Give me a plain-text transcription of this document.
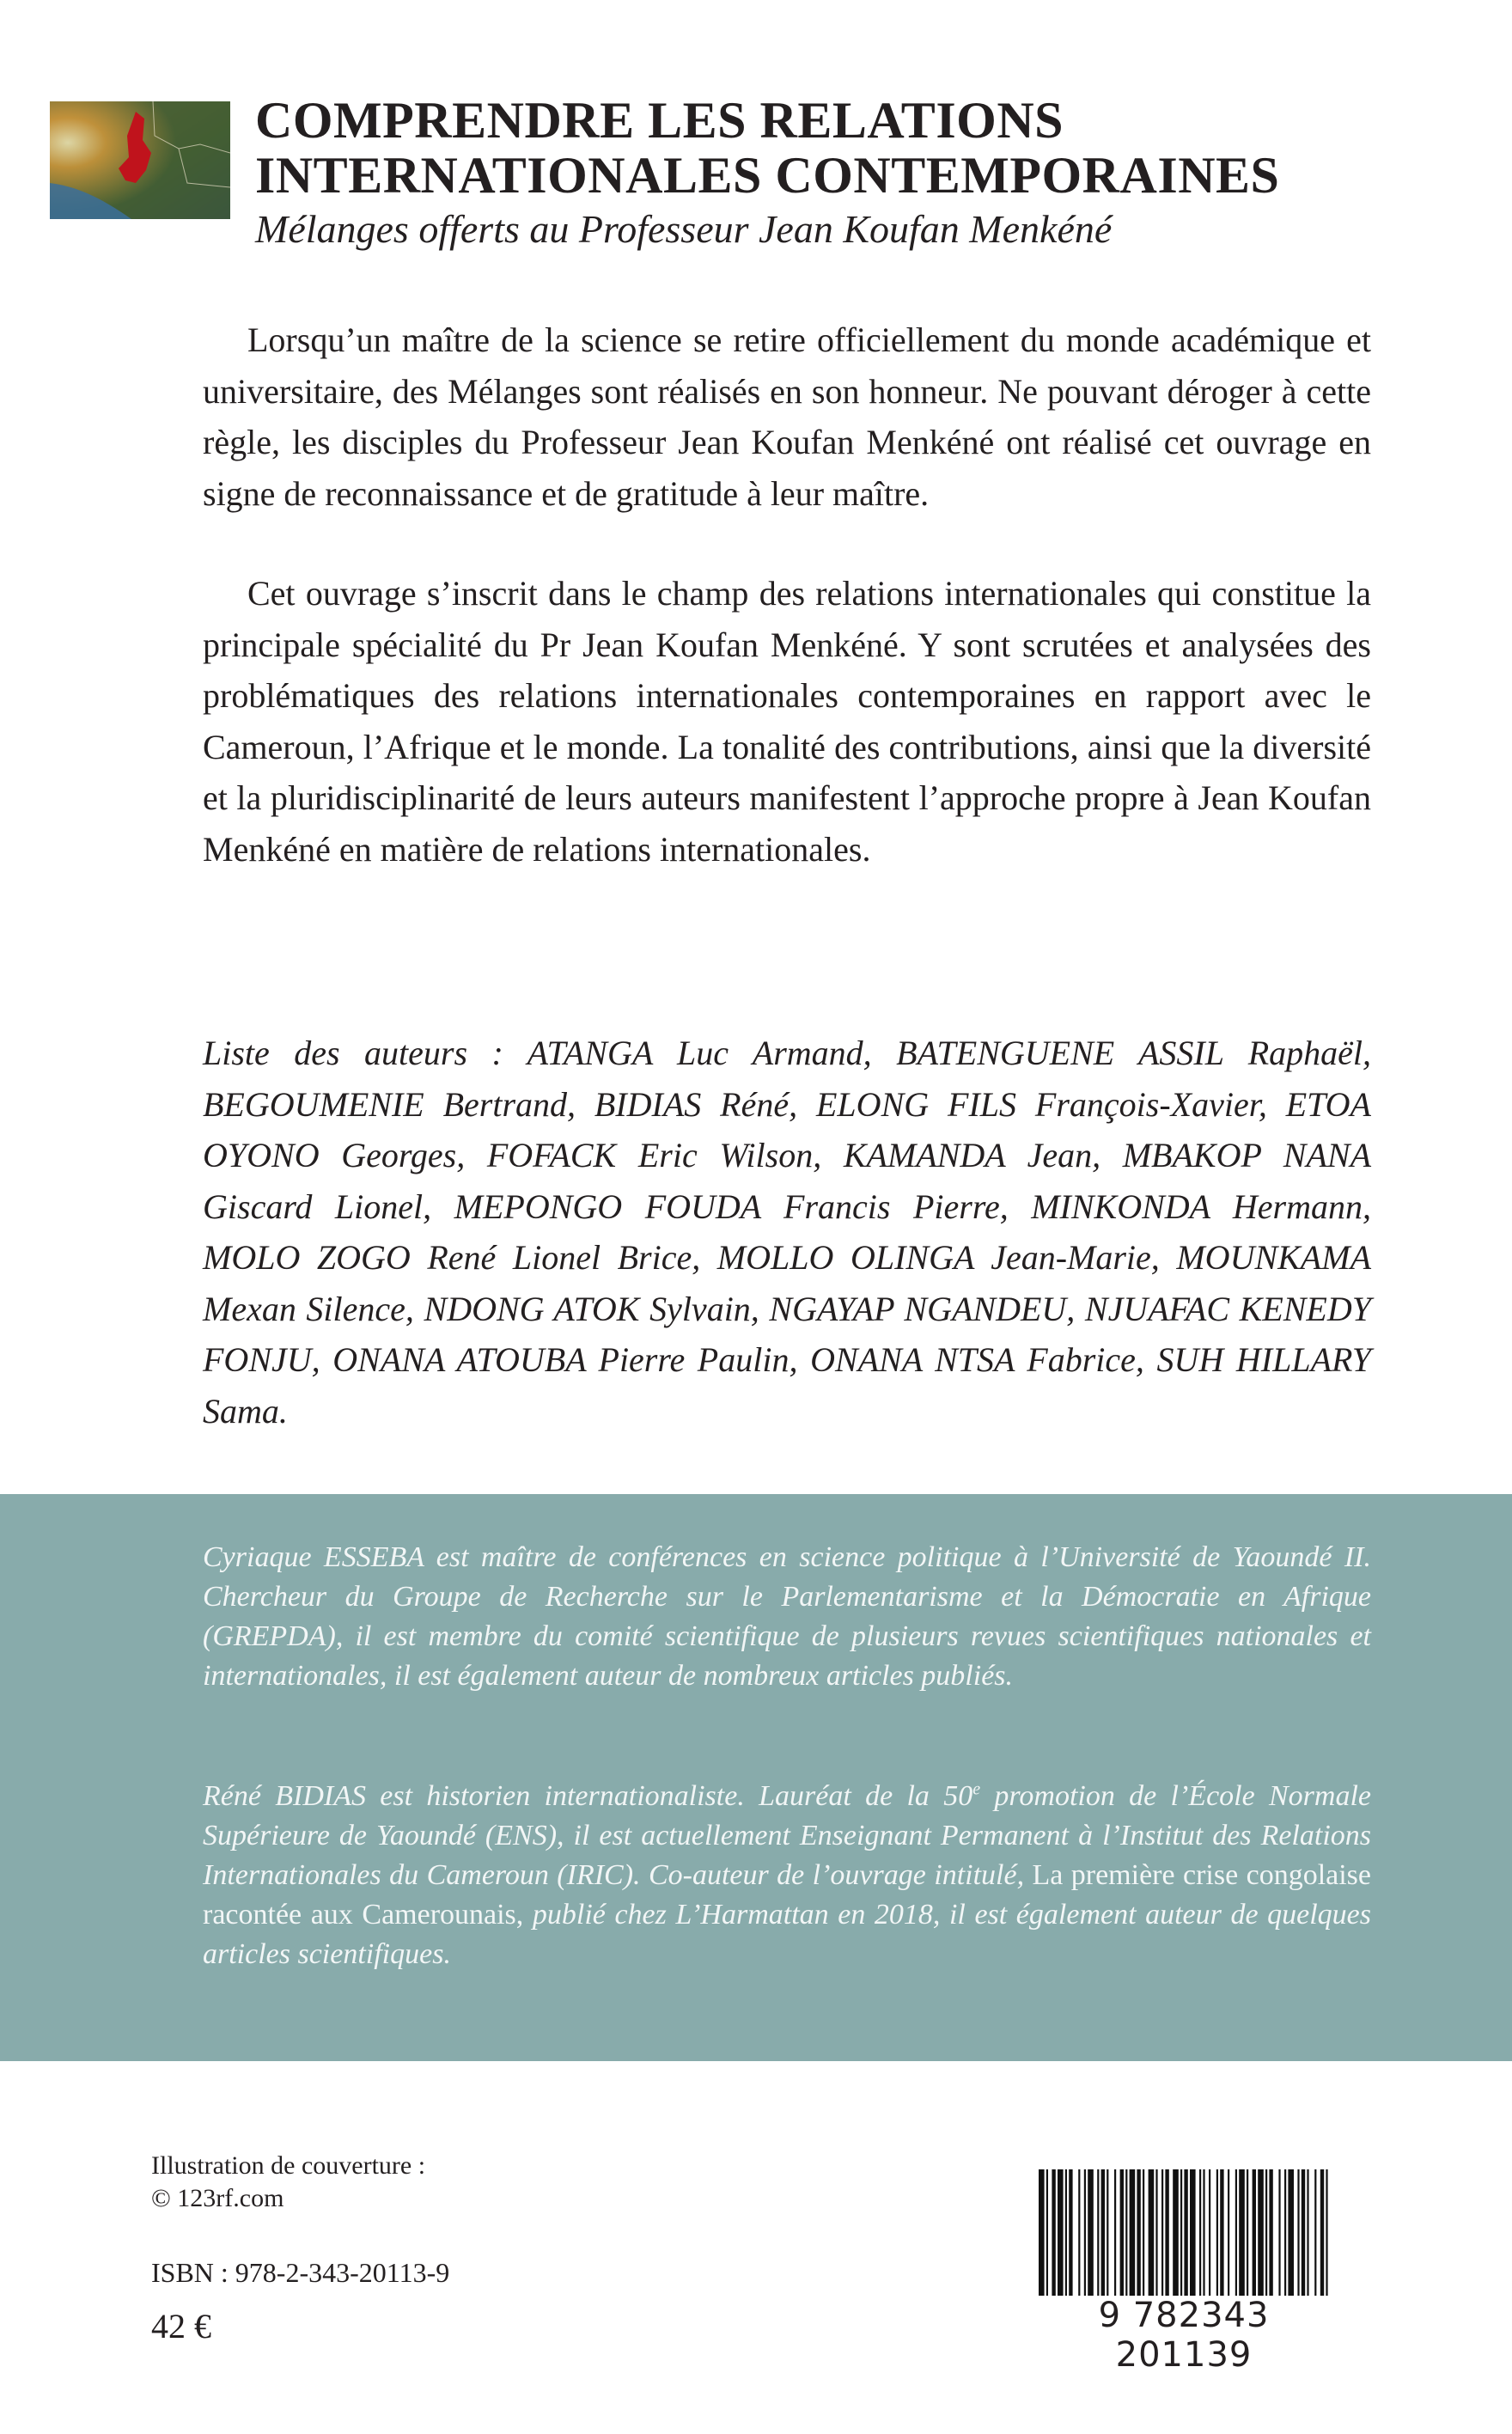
COMPRENDRE LES RELATIONS
INTERNATIONALES CONTEMPORAINES
Mélanges offerts au Professeur Jean Koufan Menkéné

Lorsqu’un maître de la science se retire officiellement du monde académique et universitaire, des Mélanges sont réalisés en son honneur. Ne pouvant déroger à cette règle, les disciples du Professeur Jean Koufan Menkéné ont réalisé cet ouvrage en signe de reconnaissance et de gratitude à leur maître.

Cet ouvrage s’inscrit dans le champ des relations internationales qui constitue la principale spécialité du Pr Jean Koufan Menkéné. Y sont scrutées et analysées des problématiques des relations internationales contemporaines en rapport avec le Cameroun, l’Afrique et le monde. La tonalité des contributions, ainsi que la diversité et la pluridisciplinarité de leurs auteurs manifestent l’approche propre à Jean Koufan Menkéné en matière de relations internationales.

Liste des auteurs : ATANGA Luc Armand, BATENGUENE ASSIL Raphaël, BEGOUMENIE Bertrand, BIDIAS Réné, ELONG FILS François-Xavier, ETOA OYONO Georges, FOFACK Eric Wilson, KAMANDA Jean, MBAKOP NANA Giscard Lionel, MEPONGO FOUDA Francis Pierre, MINKONDA Hermann, MOLO ZOGO René Lionel Brice, MOLLO OLINGA Jean-Marie, MOUNKAMA Mexan Silence, NDONG ATOK Sylvain, NGAYAP NGANDEU, NJUAFAC KENEDY FONJU, ONANA ATOUBA Pierre Paulin, ONANA NTSA Fabrice, SUH HILLARY Sama.

Cyriaque ESSEBA est maître de conférences en science politique à l’Université de Yaoundé II. Chercheur du Groupe de Recherche sur le Parlementarisme et la Démocratie en Afrique (GREPDA), il est membre du comité scientifique de plusieurs revues scientifiques nationales et internationales, il est également auteur de nombreux articles publiés.

Réné BIDIAS est historien internationaliste. Lauréat de la 50e promotion de l’École Normale Supérieure de Yaoundé (ENS), il est actuellement Enseignant Permanent à l’Institut des Relations Internationales du Cameroun (IRIC). Co-auteur de l’ouvrage intitulé, La première crise congolaise racontée aux Camerounais, publié chez L’Harmattan en 2018, il est également auteur de quelques articles scientifiques.

Illustration de couverture :
© 123rf.com
ISBN : 978-2-343-20113-9
42 €	9 782343 201139
